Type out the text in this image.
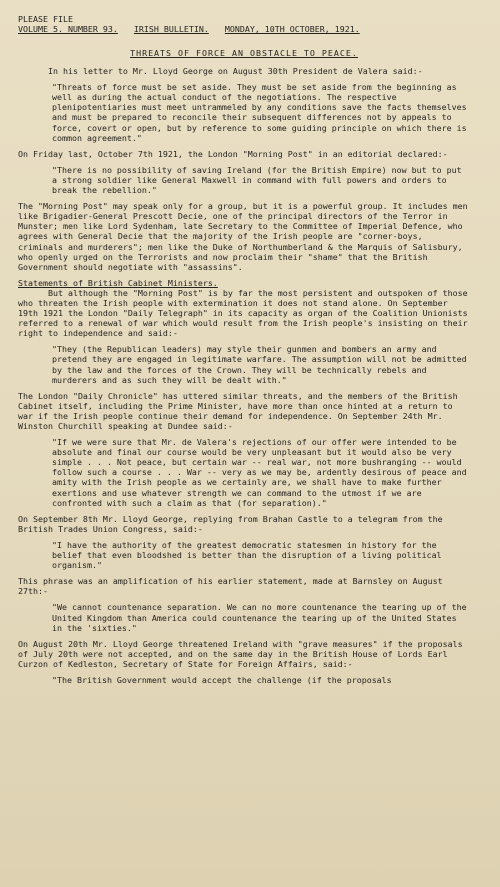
PLEASE FILE
VOLUME 5. NUMBER 93. IRISH BULLETIN. MONDAY, 10TH OCTOBER, 1921.
THREATS OF FORCE AN OBSTACLE TO PEACE.

In his letter to Mr. Lloyd George on August 30th President de Valera said:-

"Threats of force must be set aside. They must be set aside from the beginning as well as during the actual conduct of the negotiations. The respective plenipotentiaries must meet untrammeled by any conditions save the facts themselves and must be prepared to reconcile their subsequent differences not by appeals to force, covert or open, but by reference to some guiding principle on which there is common agreement."

On Friday last, October 7th 1921, the London "Morning Post" in an editorial declared:-

"There is no possibility of saving Ireland (for the British Empire) now but to put a strong soldier like General Maxwell in command with full powers and orders to break the rebellion."

The "Morning Post" may speak only for a group, but it is a powerful group. It includes men like Brigadier-General Prescott Decie, one of the principal directors of the Terror in Munster; men like Lord Sydenham, late Secretary to the Committee of Imperial Defence, who agrees with General Decie that the majority of the Irish people are "corner-boys, criminals and murderers"; men like the Duke of Northumberland & the Marquis of Salisbury, who openly urged on the Terrorists and now proclaim their "shame" that the British Government should negotiate with "assassins".

Statements of British Cabinet Ministers.

But although the "Morning Post" is by far the most persistent and outspoken of those who threaten the Irish people with extermination it does not stand alone. On September 19th 1921 the London "Daily Telegraph" in its capacity as organ of the Coalition Unionists referred to a renewal of war which would result from the Irish people's insisting on their right to independence and said:-

"They (the Republican leaders) may style their gunmen and bombers an army and pretend they are engaged in legitimate warfare. The assumption will not be admitted by the law and the forces of the Crown. They will be technically rebels and murderers and as such they will be dealt with."

The London "Daily Chronicle" has uttered similar threats, and the members of the British Cabinet itself, including the Prime Minister, have more than once hinted at a return to war if the Irish people continue their demand for independence. On September 24th Mr. Winston Churchill speaking at Dundee said:-

"If we were sure that Mr. de Valera's rejections of our offer were intended to be absolute and final our course would be very unpleasant but it would also be very simple . . . Not peace, but certain war -- real war, not more bushranging -- would follow such a course . . . War -- very as we may be, ardently desirous of peace and amity with the Irish people as we certainly are, we shall have to make further exertions and use whatever strength we can command to the utmost if we are confronted with such a claim as that (for separation)."

On September 8th Mr. Lloyd George, replying from Brahan Castle to a telegram from the British Trades Union Congress, said:-

"I have the authority of the greatest democratic statesmen in history for the belief that even bloodshed is better than the disruption of a living political organism."

This phrase was an amplification of his earlier statement, made at Barnsley on August 27th:-

"We cannot countenance separation. We can no more countenance the tearing up of the United Kingdom than America could countenance the tearing up of the United States in the 'sixties."

On August 20th Mr. Lloyd George threatened Ireland with "grave measures" if the proposals of July 20th were not accepted, and on the same day in the British House of Lords Earl Curzon of Kedleston, Secretary of State for Foreign Affairs, said:-

"The British Government would accept the challenge (if the proposals
